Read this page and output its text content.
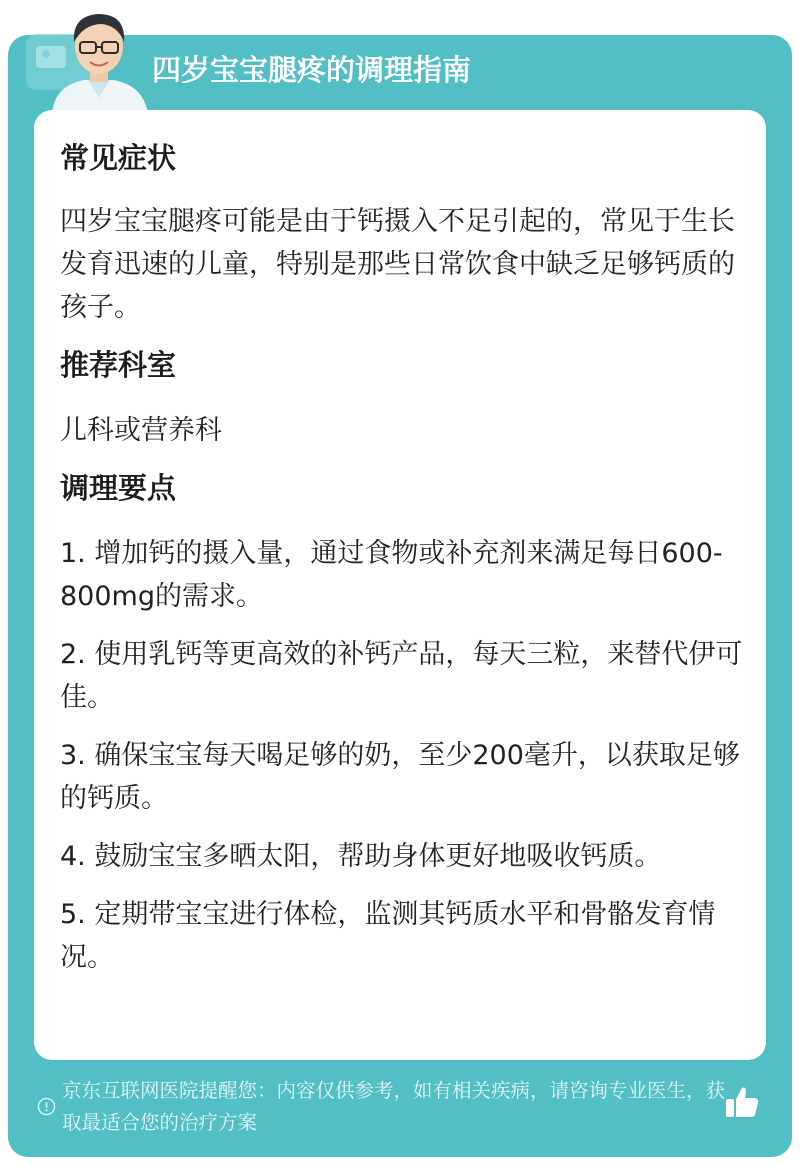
四岁宝宝腿疼的调理指南
常见症状

四岁宝宝腿疼可能是由于钙摄入不足引起的，常见于生长发育迅速的儿童，特别是那些日常饮食中缺乏足够钙质的孩子。

推荐科室

儿科或营养科

调理要点

1. 增加钙的摄入量，通过食物或补充剂来满足每日600-800mg的需求。

2. 使用乳钙等更高效的补钙产品，每天三粒，来替代伊可佳。

3. 确保宝宝每天喝足够的奶，至少200毫升，以获取足够的钙质。

4. 鼓励宝宝多晒太阳，帮助身体更好地吸收钙质。

5. 定期带宝宝进行体检，监测其钙质水平和骨骼发育情况。

京东互联网医院提醒您：内容仅供参考，如有相关疾病，请咨询专业医生，获取最适合您的治疗方案
